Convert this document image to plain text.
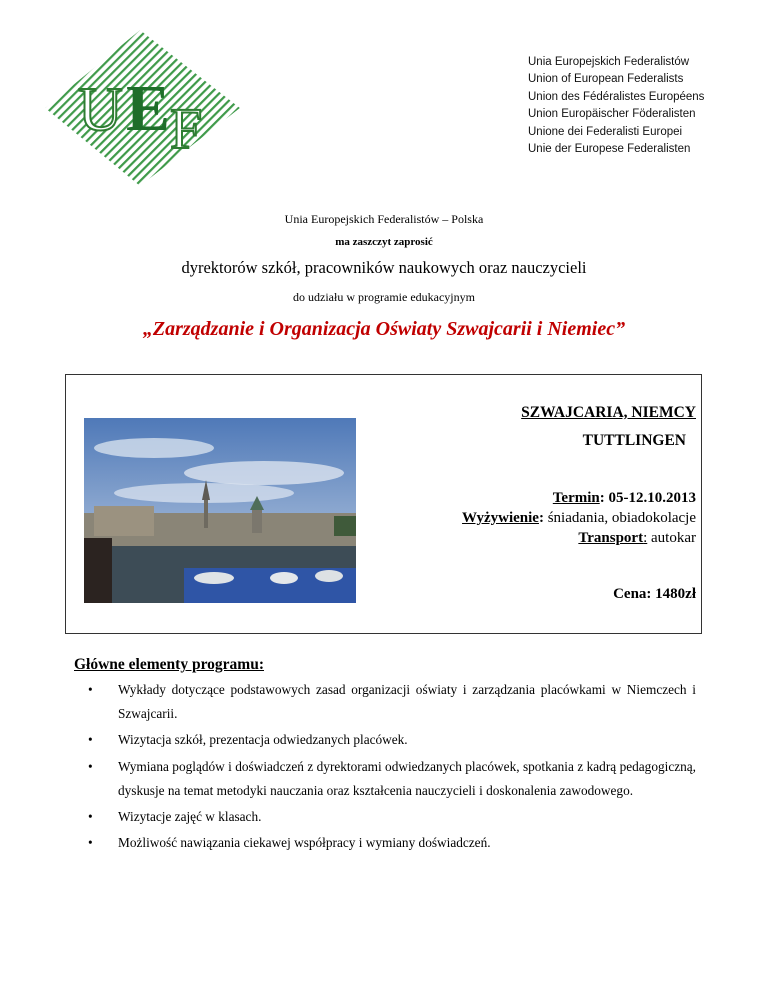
U E F
Unia Europejskich Federalistów
Union of European Federalists
Union des Fédéralistes Européens
Union Europäischer Föderalisten
Unione dei Federalisti Europei
Unie der Europese Federalisten
Unia Europejskich Federalistów – Polska
ma zaszczyt zaprosić
dyrektorów szkół, pracowników naukowych oraz nauczycieli
do udziału w programie edukacyjnym
„Zarządzanie i Organizacja Oświaty Szwajcarii i Niemiec”
SZWAJCARIA, NIEMCY
TUTTLINGEN
Termin: 05-12.10.2013
Wyżywienie: śniadania, obiadokolacje
Transport: autokar
Cena: 1480zł
Główne elementy programu:
• Wykłady dotyczące podstawowych zasad organizacji oświaty i zarządzania placówkami w Niemczech i Szwajcarii.
• Wizytacja szkół, prezentacja odwiedzanych placówek.
• Wymiana poglądów i doświadczeń z dyrektorami odwiedzanych placówek, spotkania z kadrą pedagogiczną, dyskusje na temat metodyki nauczania oraz kształcenia nauczycieli i doskonalenia zawodowego.
• Wizytacje zajęć w klasach.
• Możliwość nawiązania ciekawej współpracy i wymiany doświadczeń.
